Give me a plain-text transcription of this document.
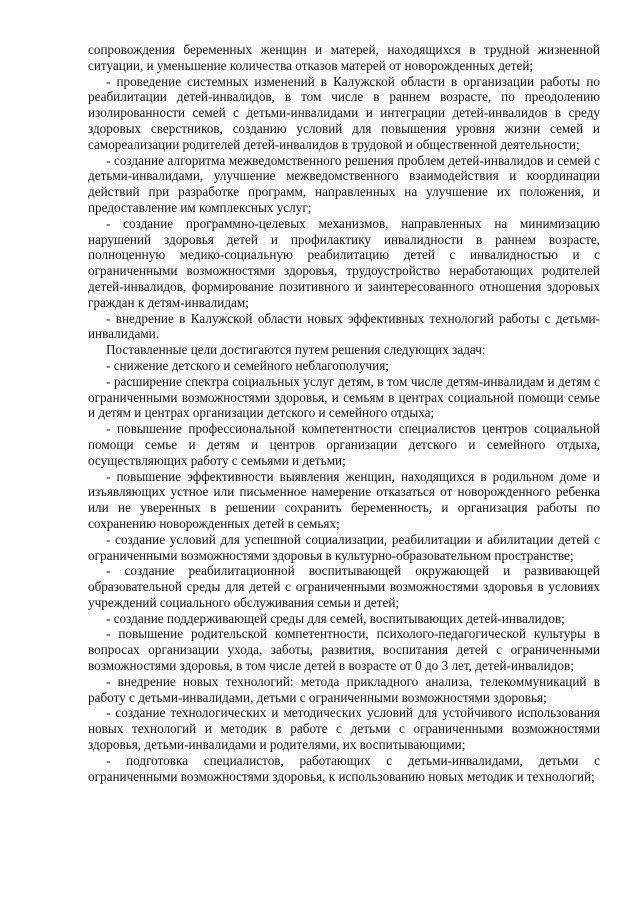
сопровождения беременных женщин и матерей, находящихся в трудной жизненной ситуации, и уменьшение количества отказов матерей от новорожденных детей;

- проведение системных изменений в Калужской области в организации работы по реабилитации детей-инвалидов, в том числе в раннем возрасте, по преодолению изолированности семей с детьми-инвалидами и интеграции детей-инвалидов в среду здоровых сверстников, созданию условий для повышения уровня жизни семей и самореализации родителей детей-инвалидов в трудовой и общественной деятельности;

- создание алгоритма межведомственного решения проблем детей-инвалидов и семей с детьми-инвалидами, улучшение межведомственного взаимодействия и координации действий при разработке программ, направленных на улучшение их положения, и предоставление им комплексных услуг;

- создание программно-целевых механизмов, направленных на минимизацию нарушений здоровья детей и профилактику инвалидности в раннем возрасте, полноценную медико-социальную реабилитацию детей с инвалидностью и с ограниченными возможностями здоровья, трудоустройство неработающих родителей детей-инвалидов, формирование позитивного и заинтересованного отношения здоровых граждан к детям-инвалидам;

- внедрение в Калужской области новых эффективных технологий работы с детьми-инвалидами.

Поставленные цели достигаются путем решения следующих задач:

- снижение детского и семейного неблагополучия;

- расширение спектра социальных услуг детям, в том числе детям-инвалидам и детям с ограниченными возможностями здоровья, и семьям в центрах социальной помощи семье и детям и центрах организации детского и семейного отдыха;

- повышение профессиональной компетентности специалистов центров социальной помощи семье и детям и центров организации детского и семейного отдыха, осуществляющих работу с семьями и детьми;

- повышение эффективности выявления женщин, находящихся в родильном доме и изъявляющих устное или письменное намерение отказаться от новорожденного ребенка или не уверенных в решении сохранить беременность, и организация работы по сохранению новорожденных детей в семьях;

- создание условий для успешной социализации, реабилитации и абилитации детей с ограниченными возможностями здоровья в культурно-образовательном пространстве;

- создание реабилитационной воспитывающей окружающей и развивающей образовательной среды для детей с ограниченными возможностями здоровья в условиях учреждений социального обслуживания семьи и детей;

- создание поддерживающей среды для семей, воспитывающих детей-инвалидов;

- повышение родительской компетентности, психолого-педагогической культуры в вопросах организации ухода, заботы, развития, воспитания детей с ограниченными возможностями здоровья, в том числе детей в возрасте от 0 до 3 лет, детей-инвалидов;

- внедрение новых технологий: метода прикладного анализа, телекоммуникаций в работу с детьми-инвалидами, детьми с ограниченными возможностями здоровья;

- создание технологических и методических условий для устойчивого использования новых технологий и методик в работе с детьми с ограниченными возможностями здоровья, детьми-инвалидами и родителями, их воспитывающими;

- подготовка специалистов, работающих с детьми-инвалидами, детьми с ограниченными возможностями здоровья, к использованию новых методик и технологий;
